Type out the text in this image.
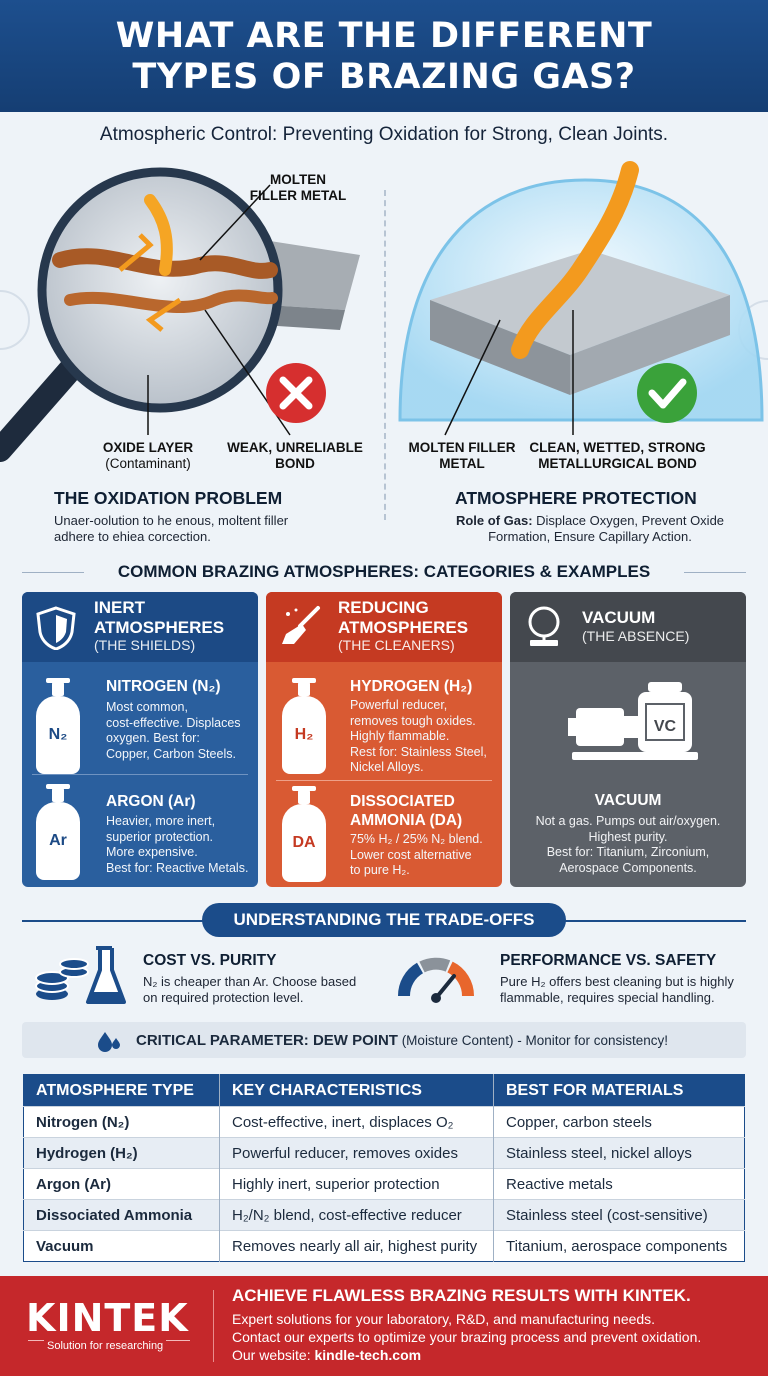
WHAT ARE THE DIFFERENT
TYPES OF BRAZING GAS?
Atmospheric Control: Preventing Oxidation for Strong, Clean Joints.
MOLTEN FILLER METAL
OXIDE LAYER
(Contaminant)
WEAK, UNRELIABLE BOND
THE OXIDATION PROBLEM
Unaer-oolution to he enous, moltent filler
adhere to ehiea corcection.
MOLTEN FILLER METAL
CLEAN, WETTED, STRONG METALLURGICAL BOND
ATMOSPHERE PROTECTION
Role of Gas: Displace Oxygen, Prevent Oxide
Formation, Ensure Capillary Action.
COMMON BRAZING ATMOSPHERES: CATEGORIES & EXAMPLES
INERT ATMOSPHERES
(THE SHIELDS)
N₂
NITROGEN (N₂)
Most common,
cost-effective. Displaces
oxygen. Best for:
Copper, Carbon Steels.
Ar
ARGON (Ar)
Heavier, more inert,
superior protection.
More expensive.
Best for: Reactive Metals.
REDUCING ATMOSPHERES
(THE CLEANERS)
H₂
HYDROGEN (H₂)
Powerful reducer,
removes tough oxides.
Highly flammable.
Rest for: Stainless Steel,
Nickel Alloys.
DA
DISSOCIATED AMMONIA (DA)
75% H₂ / 25% N₂ blend.
Lower cost alternative
to pure H₂.
VACUUM
(THE ABSENCE)
VC
VACUUM
Not a gas. Pumps out air/oxygen.
Highest purity.
Best for: Titanium, Zirconium,
Aerospace Components.
UNDERSTANDING THE TRADE-OFFS
COST VS. PURITY
N₂ is cheaper than Ar. Choose based
on required protection level.
PERFORMANCE VS. SAFETY
Pure H₂ offers best cleaning but is highly
flammable, requires special handling.
CRITICAL PARAMETER: DEW POINT (Moisture Content) - Monitor for consistency!
ATMOSPHERE TYPE	KEY CHARACTERISTICS	BEST FOR MATERIALS
Nitrogen (N₂)	Cost-effective, inert, displaces O₂	Copper, carbon steels
Hydrogen (H₂)	Powerful reducer, removes oxides	Stainless steel, nickel alloys
Argon (Ar)	Highly inert, superior protection	Reactive metals
Dissociated Ammonia	H₂/N₂ blend, cost-effective reducer	Stainless steel (cost-sensitive)
Vacuum	Removes nearly all air, highest purity	Titanium, aerospace components
KINTEK
Solution for researching
ACHIEVE FLAWLESS BRAZING RESULTS WITH KINTEK.
Expert solutions for your laboratory, R&D, and manufacturing needs.
Contact our experts to optimize your brazing process and prevent oxidation.
Our website: kindle-tech.com
